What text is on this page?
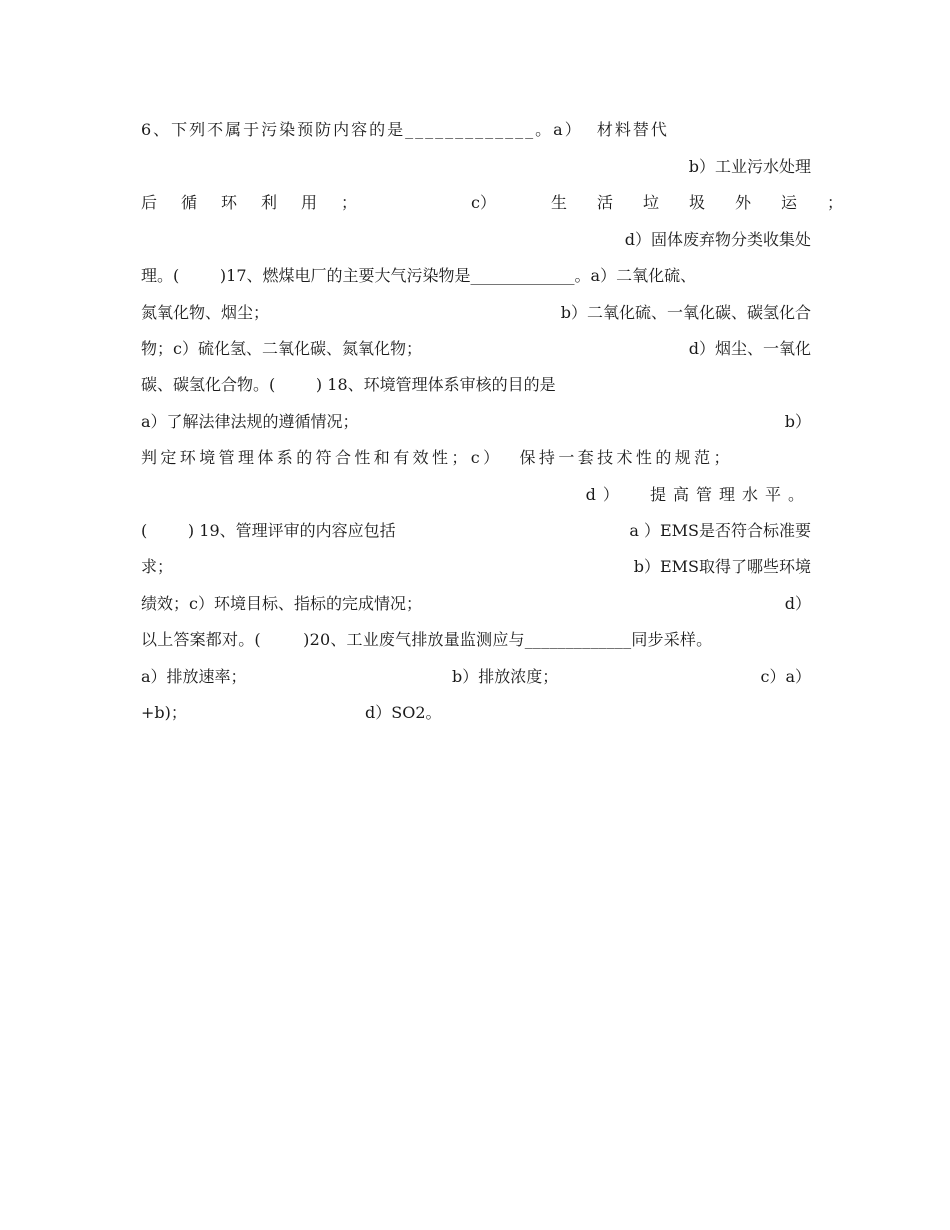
6、下列不属于污染预防内容的是_____________。a）  材料替代
b）工业污水处理
后循环利用；	c）	生活垃圾外运；
d）固体废弃物分类收集处
理。(        )17、燃煤电厂的主要大气污染物是_____________。a）二氧化硫、
氮氧化物、烟尘；	b）二氧化硫、一氧化碳、碳氢化合
物；c）硫化氢、二氧化碳、氮氧化物；	d）烟尘、一氧化
碳、碳氢化合物。(        ) 18、环境管理体系审核的目的是
a）了解法律法规的遵循情况；	b）
判定环境管理体系的符合性和有效性；c）  保持一套技术性的规范；
d）  提高管理水平。
(        ) 19、管理评审的内容应包括	a ）EMS是否符合标准要
求；	b）EMS取得了哪些环境
绩效；c）环境目标、指标的完成情况；	d）
以上答案都对。(        )20、工业废气排放量监测应与_____________同步采样。
a）排放速率；	b）排放浓度；	c）a）
+b)；	d）SO2。
